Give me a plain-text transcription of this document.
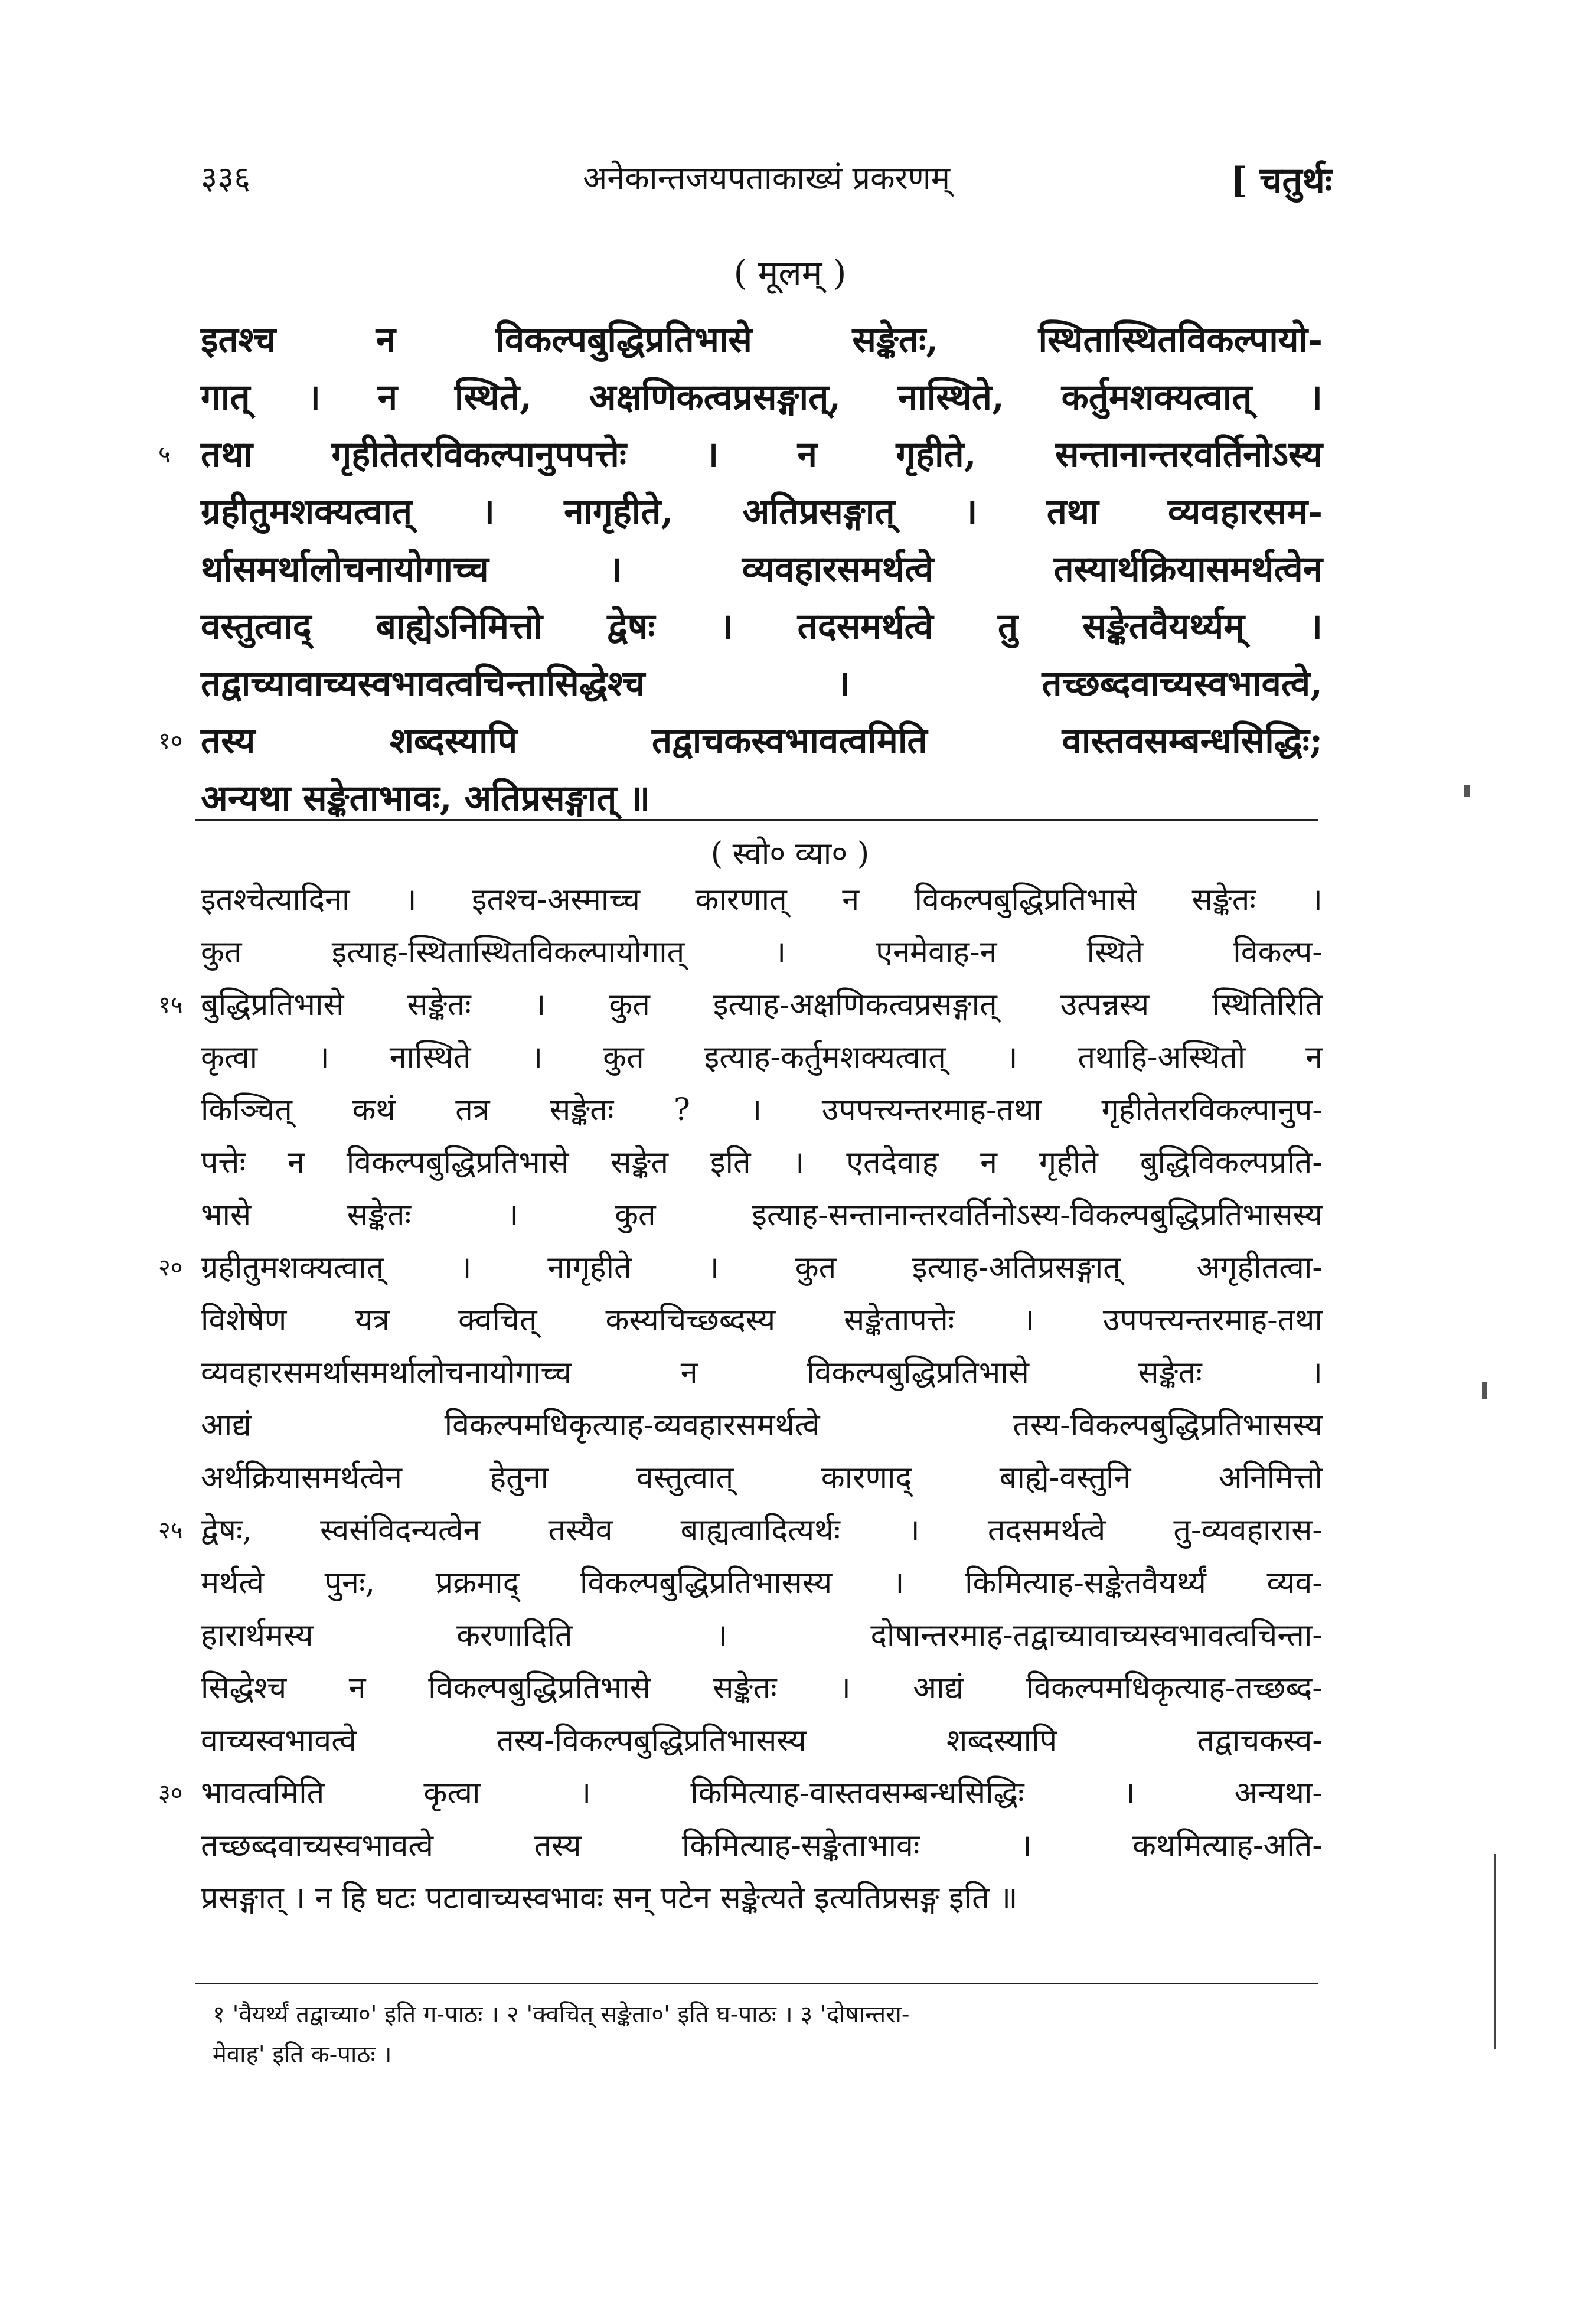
३३६	अनेकान्तजयपताकाख्यं प्रकरणम्	[ चतुर्थः
( मूलम् )
इतश्च न विकल्पबुद्धिप्रतिभासे सङ्केतः, स्थितास्थितविकल्पायो-
गात् । न स्थिते, अक्षणिकत्वप्रसङ्गात्, नास्थिते, कर्तुमशक्यत्वात् ।
५ तथा गृहीतेतरविकल्पानुपपत्तेः । न गृहीते, सन्तानान्तरवर्तिनोऽस्य
ग्रहीतुमशक्यत्वात् । नागृहीते, अतिप्रसङ्गात् । तथा व्यवहारसम-
र्थासमर्थालोचनायोगाच्च । व्यवहारसमर्थत्वे तस्यार्थक्रियासमर्थत्वेन
वस्तुत्वाद् बाह्येऽनिमित्तो द्वेषः । तदसमर्थत्वे तु सङ्केतवैयर्थ्यम् ।
तद्वाच्यावाच्यस्वभावत्वचिन्तासिद्धेश्च । तच्छब्दवाच्यस्वभावत्वे,
१० तस्य शब्दस्यापि तद्वाचकस्वभावत्वमिति वास्तवसम्बन्धसिद्धिः;
अन्यथा सङ्केताभावः, अतिप्रसङ्गात् ॥
( स्वो० व्या० )
इतश्चेत्यादिना । इतश्च-अस्माच्च कारणात् न विकल्पबुद्धिप्रतिभासे सङ्केतः ।
कुत इत्याह-स्थितास्थितविकल्पायोगात् । एनमेवाह-न स्थिते विकल्प-
१५ बुद्धिप्रतिभासे सङ्केतः । कुत इत्याह-अक्षणिकत्वप्रसङ्गात् उत्पन्नस्य स्थितिरिति
कृत्वा । नास्थिते । कुत इत्याह-कर्तुमशक्यत्वात् । तथाहि-अस्थितो न
किञ्चित् कथं तत्र सङ्केतः ? । उपपत्त्यन्तरमाह-तथा गृहीतेतरविकल्पानुप-
पत्तेः न विकल्पबुद्धिप्रतिभासे सङ्केत इति । एतदेवाह न गृहीते बुद्धिविकल्पप्रति-
भासे सङ्केतः । कुत इत्याह-सन्तानान्तरवर्तिनोऽस्य-विकल्पबुद्धिप्रतिभासस्य
२० ग्रहीतुमशक्यत्वात् । नागृहीते । कुत इत्याह-अतिप्रसङ्गात् अगृहीतत्वा-
विशेषेण यत्र क्वचित् कस्यचिच्छब्दस्य सङ्केतापत्तेः । उपपत्त्यन्तरमाह-तथा
व्यवहारसमर्थासमर्थालोचनायोगाच्च न विकल्पबुद्धिप्रतिभासे सङ्केतः ।
आद्यं विकल्पमधिकृत्याह-व्यवहारसमर्थत्वे तस्य-विकल्पबुद्धिप्रतिभासस्य
अर्थक्रियासमर्थत्वेन हेतुना वस्तुत्वात् कारणाद् बाह्ये-वस्तुनि अनिमित्तो
२५ द्वेषः, स्वसंविदन्यत्वेन तस्यैव बाह्यत्वादित्यर्थः । तदसमर्थत्वे तु-व्यवहारास-
मर्थत्वे पुनः, प्रक्रमाद् विकल्पबुद्धिप्रतिभासस्य । किमित्याह-सङ्केतवैयर्थ्यं व्यव-
हारार्थमस्य करणादिति । दोषान्तरमाह-तद्वाच्यावाच्यस्वभावत्वचिन्ता-
सिद्धेश्च न विकल्पबुद्धिप्रतिभासे सङ्केतः । आद्यं विकल्पमधिकृत्याह-तच्छब्द-
वाच्यस्वभावत्वे तस्य-विकल्पबुद्धिप्रतिभासस्य शब्दस्यापि तद्वाचकस्व-
३० भावत्वमिति कृत्वा । किमित्याह-वास्तवसम्बन्धसिद्धिः । अन्यथा-
तच्छब्दवाच्यस्वभावत्वे तस्य किमित्याह-सङ्केताभावः । कथमित्याह-अति-
प्रसङ्गात् । न हि घटः पटावाच्यस्वभावः सन् पटेन सङ्केत्यते इत्यतिप्रसङ्ग इति ॥
१ 'वैयर्थ्यं तद्वाच्या०' इति ग-पाठः । २ 'क्वचित् सङ्केता०' इति घ-पाठः । ३ 'दोषान्तरा-
मेवाह' इति क-पाठः ।
